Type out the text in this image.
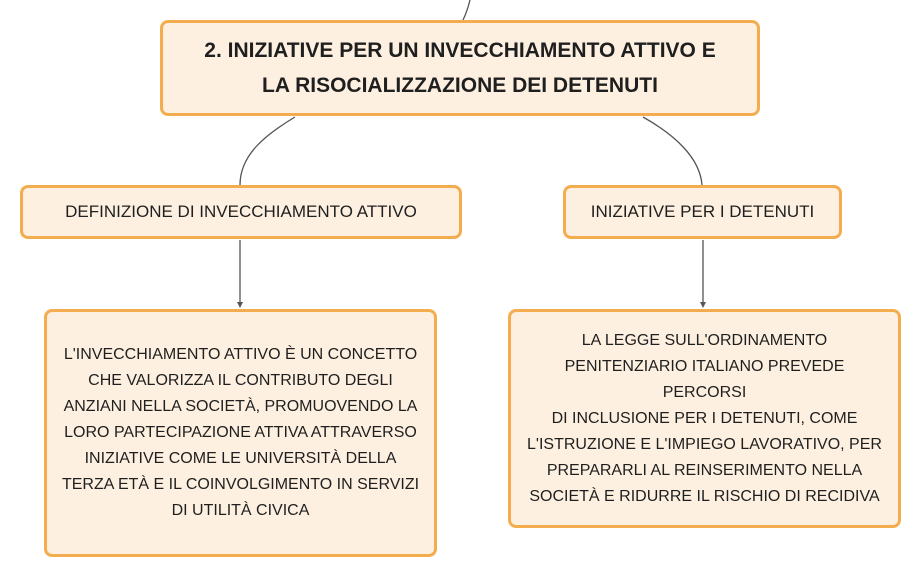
2. INIZIATIVE PER UN INVECCHIAMENTO ATTIVO E
LA RISOCIALIZZAZIONE DEI DETENUTI
DEFINIZIONE DI INVECCHIAMENTO ATTIVO	INIZIATIVE PER I DETENUTI
L'INVECCHIAMENTO ATTIVO È UN CONCETTO
CHE VALORIZZA IL CONTRIBUTO DEGLI
ANZIANI NELLA SOCIETÀ, PROMUOVENDO LA
LORO PARTECIPAZIONE ATTIVA ATTRAVERSO
INIZIATIVE COME LE UNIVERSITÀ DELLA
TERZA ETÀ E IL COINVOLGIMENTO IN SERVIZI
DI UTILITÀ CIVICA
LA LEGGE SULL'ORDINAMENTO
PENITENZIARIO ITALIANO PREVEDE PERCORSI
DI INCLUSIONE PER I DETENUTI, COME
L'ISTRUZIONE E L'IMPIEGO LAVORATIVO, PER
PREPARARLI AL REINSERIMENTO NELLA
SOCIETÀ E RIDURRE IL RISCHIO DI RECIDIVA
